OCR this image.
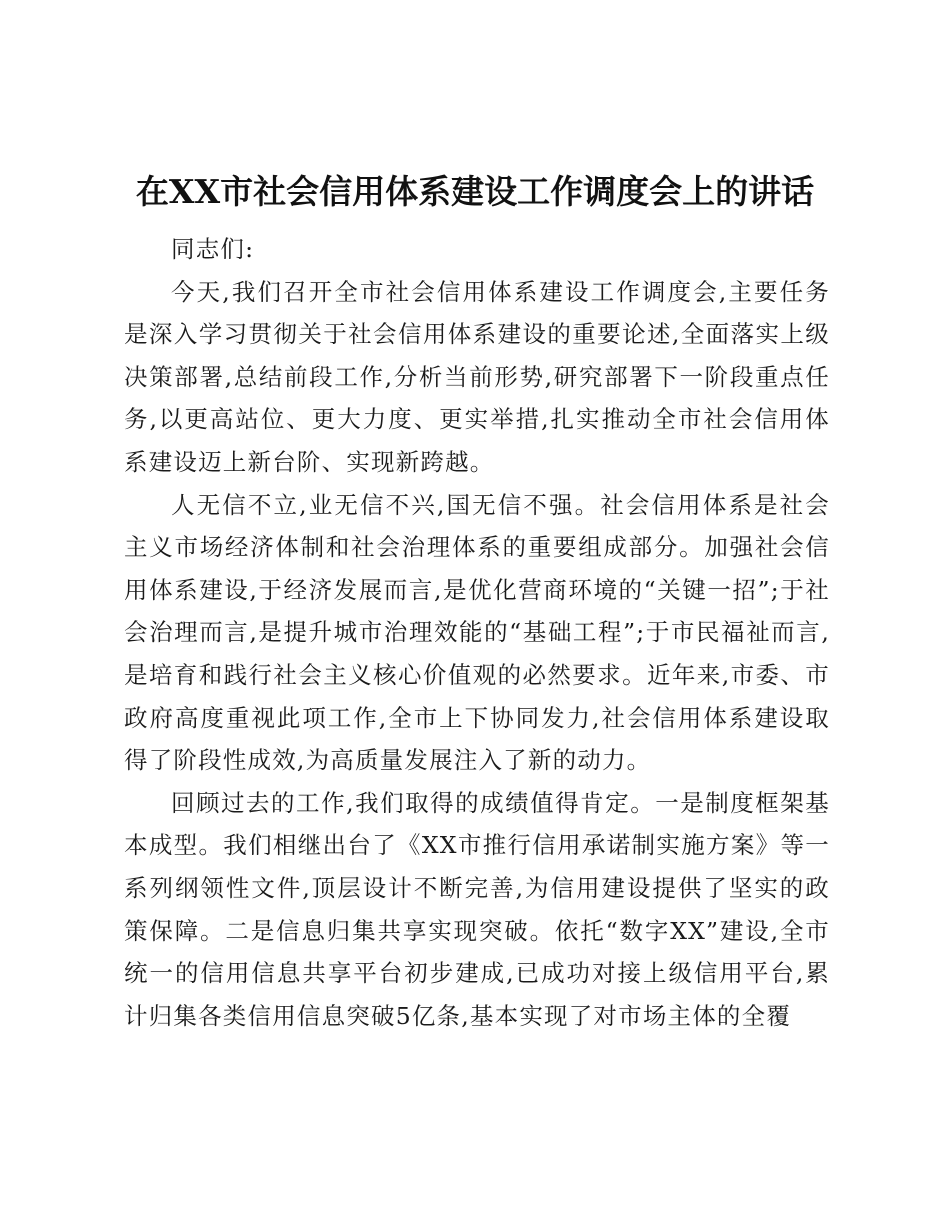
在XX市社会信用体系建设工作调度会上的讲话

同志们:

今天,我们召开全市社会信用体系建设工作调度会,主要任务是深入学习贯彻关于社会信用体系建设的重要论述,全面落实上级决策部署,总结前段工作,分析当前形势,研究部署下一阶段重点任务,以更高站位、更大力度、更实举措,扎实推动全市社会信用体系建设迈上新台阶、实现新跨越。

人无信不立,业无信不兴,国无信不强。社会信用体系是社会主义市场经济体制和社会治理体系的重要组成部分。加强社会信用体系建设,于经济发展而言,是优化营商环境的“关键一招”;于社会治理而言,是提升城市治理效能的“基础工程”;于市民福祉而言,是培育和践行社会主义核心价值观的必然要求。近年来,市委、市政府高度重视此项工作,全市上下协同发力,社会信用体系建设取得了阶段性成效,为高质量发展注入了新的动力。

回顾过去的工作,我们取得的成绩值得肯定。一是制度框架基本成型。我们相继出台了《XX市推行信用承诺制实施方案》等一系列纲领性文件,顶层设计不断完善,为信用建设提供了坚实的政策保障。二是信息归集共享实现突破。依托“数字XX”建设,全市统一的信用信息共享平台初步建成,已成功对接上级信用平台,累计归集各类信用信息突破5亿条,基本实现了对市场主体的全覆
